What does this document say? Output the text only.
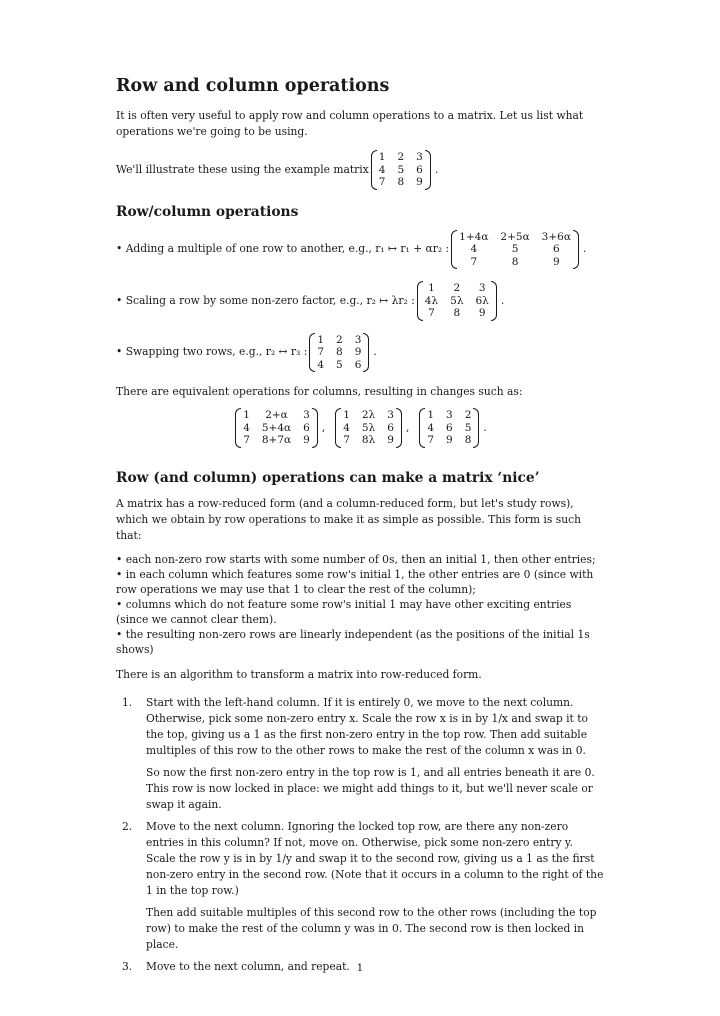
Row and column operations

It is often very useful to apply row and column operations to a matrix. Let us list what operations we're going to be using.

We'll illustrate these using the example matrix
1 2 3
4 5 6
7 8 9
.
Row/column operations
• Adding a multiple of one row to another, e.g., r₁ ↦ r₁ + αr₂ :
1+4α 2+5α 3+6α
4	5	6
7	8	9
.
• Scaling a row by some non-zero factor, e.g., r₂ ↦ λr₂ :
1	2	3
4λ 5λ 6λ
7	8	9
.
• Swapping two rows, e.g., r₂ ↔ r₃ :
1 2 3
7 8 9
4 5 6
.

There are equivalent operations for columns, resulting in changes such as:

1	2+α	3
4 5+4α 6
7 8+7α 9
,
1 2λ 3
4 5λ 6
7 8λ 9
,
1 3 2
4 6 5
7 9 8
.
Row (and column) operations can make a matrix ‘nice’

A matrix has a row-reduced form (and a column-reduced form, but let's study rows), which we obtain by row operations to make it as simple as possible. This form is such that:

• each non-zero row starts with some number of 0s, then an initial 1, then other entries;

• in each column which features some row's initial 1, the other entries are 0 (since with row operations we may use that 1 to clear the rest of the column);

• columns which do not feature some row's initial 1 may have other exciting entries (since we cannot clear them).

• the resulting non-zero rows are linearly independent (as the positions of the initial 1s shows)

There is an algorithm to transform a matrix into row-reduced form.

1. Start with the left-hand column. If it is entirely 0, we move to the next column. Otherwise, pick some non-zero entry x. Scale the row x is in by 1/x and swap it to the top, giving us a 1 as the first non-zero entry in the top row. Then add suitable multiples of this row to the other rows to make the rest of the column x was in 0.

So now the first non-zero entry in the top row is 1, and all entries beneath it are 0. This row is now locked in place: we might add things to it, but we'll never scale or swap it again.

2. Move to the next column. Ignoring the locked top row, are there any non-zero entries in this column? If not, move on. Otherwise, pick some non-zero entry y. Scale the row y is in by 1/y and swap it to the second row, giving us a 1 as the first non-zero entry in the second row. (Note that it occurs in a column to the right of the 1 in the top row.)

Then add suitable multiples of this second row to the other rows (including the top row) to make the rest of the column y was in 0. The second row is then locked in place.

3. Move to the next column, and repeat. 1
